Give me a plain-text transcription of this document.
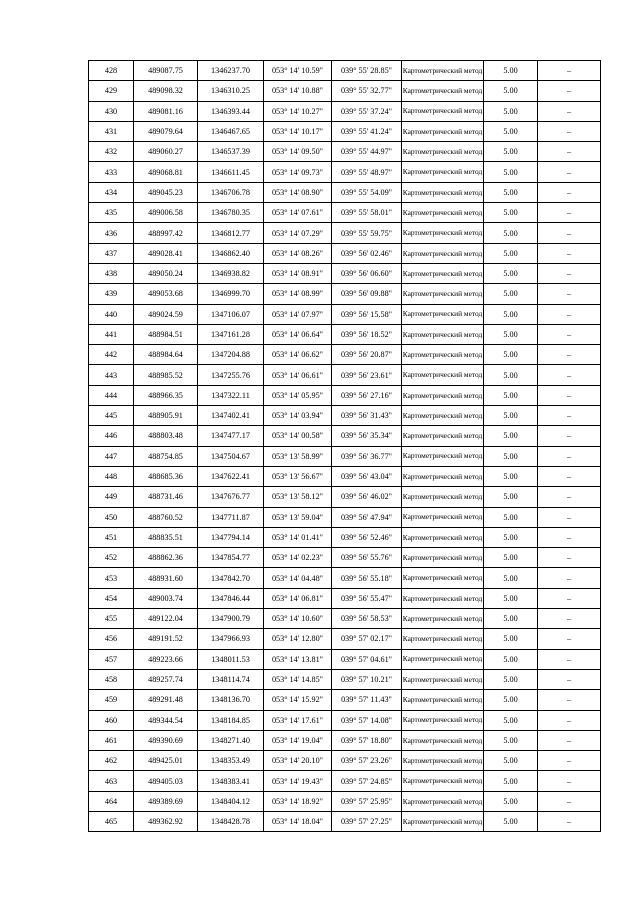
428	489087.75	1346237.70	053° 14' 10.59"	039° 55' 28.85"	Картометрический метод	5.00	–
429	489098.32	1346310.25	053° 14' 10.88"	039° 55' 32.77"	Картометрический метод	5.00	–
430	489081.16	1346393.44	053° 14' 10.27"	039° 55' 37.24"	Картометрический метод	5.00	–
431	489079.64	1346467.65	053° 14' 10.17"	039° 55' 41.24"	Картометрический метод	5.00	–
432	489060.27	1346537.39	053° 14' 09.50"	039° 55' 44.97"	Картометрический метод	5.00	–
433	489068.81	1346611.45	053° 14' 09.73"	039° 55' 48.97"	Картометрический метод	5.00	–
434	489045.23	1346706.78	053° 14' 08.90"	039° 55' 54.09"	Картометрический метод	5.00	–
435	489006.58	1346780.35	053° 14' 07.61"	039° 55' 58.01"	Картометрический метод	5.00	–
436	488997.42	1346812.77	053° 14' 07.29"	039° 55' 59.75"	Картометрический метод	5.00	–
437	489028.41	1346862.40	053° 14' 08.26"	039° 56' 02.46"	Картометрический метод	5.00	–
438	489050.24	1346938.82	053° 14' 08.91"	039° 56' 06.60"	Картометрический метод	5.00	–
439	489053.68	1346999.70	053° 14' 08.99"	039° 56' 09.88"	Картометрический метод	5.00	–
440	489024.59	1347106.07	053° 14' 07.97"	039° 56' 15.58"	Картометрический метод	5.00	–
441	488984.51	1347161.28	053° 14' 06.64"	039° 56' 18.52"	Картометрический метод	5.00	–
442	488984.64	1347204.88	053° 14' 06.62"	039° 56' 20.87"	Картометрический метод	5.00	–
443	488985.52	1347255.76	053° 14' 06.61"	039° 56' 23.61"	Картометрический метод	5.00	–
444	488966.35	1347322.11	053° 14' 05.95"	039° 56' 27.16"	Картометрический метод	5.00	–
445	488905.91	1347402.41	053° 14' 03.94"	039° 56' 31.43"	Картометрический метод	5.00	–
446	488803.48	1347477.17	053° 14' 00.58"	039° 56' 35.34"	Картометрический метод	5.00	–
447	488754.85	1347504.67	053° 13' 58.99"	039° 56' 36.77"	Картометрический метод	5.00	–
448	488685.36	1347622.41	053° 13' 56.67"	039° 56' 43.04"	Картометрический метод	5.00	–
449	488731.46	1347676.77	053° 13' 58.12"	039° 56' 46.02"	Картометрический метод	5.00	–
450	488760.52	1347711.87	053° 13' 59.04"	039° 56' 47.94"	Картометрический метод	5.00	–
451	488835.51	1347794.14	053° 14' 01.41"	039° 56' 52.46"	Картометрический метод	5.00	–
452	488862.36	1347854.77	053° 14' 02.23"	039° 56' 55.76"	Картометрический метод	5.00	–
453	488931.60	1347842.70	053° 14' 04.48"	039° 56' 55.18"	Картометрический метод	5.00	–
454	489003.74	1347846.44	053° 14' 06.81"	039° 56' 55.47"	Картометрический метод	5.00	–
455	489122.04	1347900.79	053° 14' 10.60"	039° 56' 58.53"	Картометрический метод	5.00	–
456	489191.52	1347966.93	053° 14' 12.80"	039° 57' 02.17"	Картометрический метод	5.00	–
457	489223.66	1348011.53	053° 14' 13.81"	039° 57' 04.61"	Картометрический метод	5.00	–
458	489257.74	1348114.74	053° 14' 14.85"	039° 57' 10.21"	Картометрический метод	5.00	–
459	489291.48	1348136.70	053° 14' 15.92"	039° 57' 11.43"	Картометрический метод	5.00	–
460	489344.54	1348184.85	053° 14' 17.61"	039° 57' 14.08"	Картометрический метод	5.00	–
461	489390.69	1348271.40	053° 14' 19.04"	039° 57' 18.80"	Картометрический метод	5.00	–
462	489425.01	1348353.49	053° 14' 20.10"	039° 57' 23.26"	Картометрический метод	5.00	–
463	489405.03	1348383.41	053° 14' 19.43"	039° 57' 24.85"	Картометрический метод	5.00	–
464	489389.69	1348404.12	053° 14' 18.92"	039° 57' 25.95"	Картометрический метод	5.00	–
465	489362.92	1348428.78	053° 14' 18.04"	039° 57' 27.25"	Картометрический метод	5.00	–
